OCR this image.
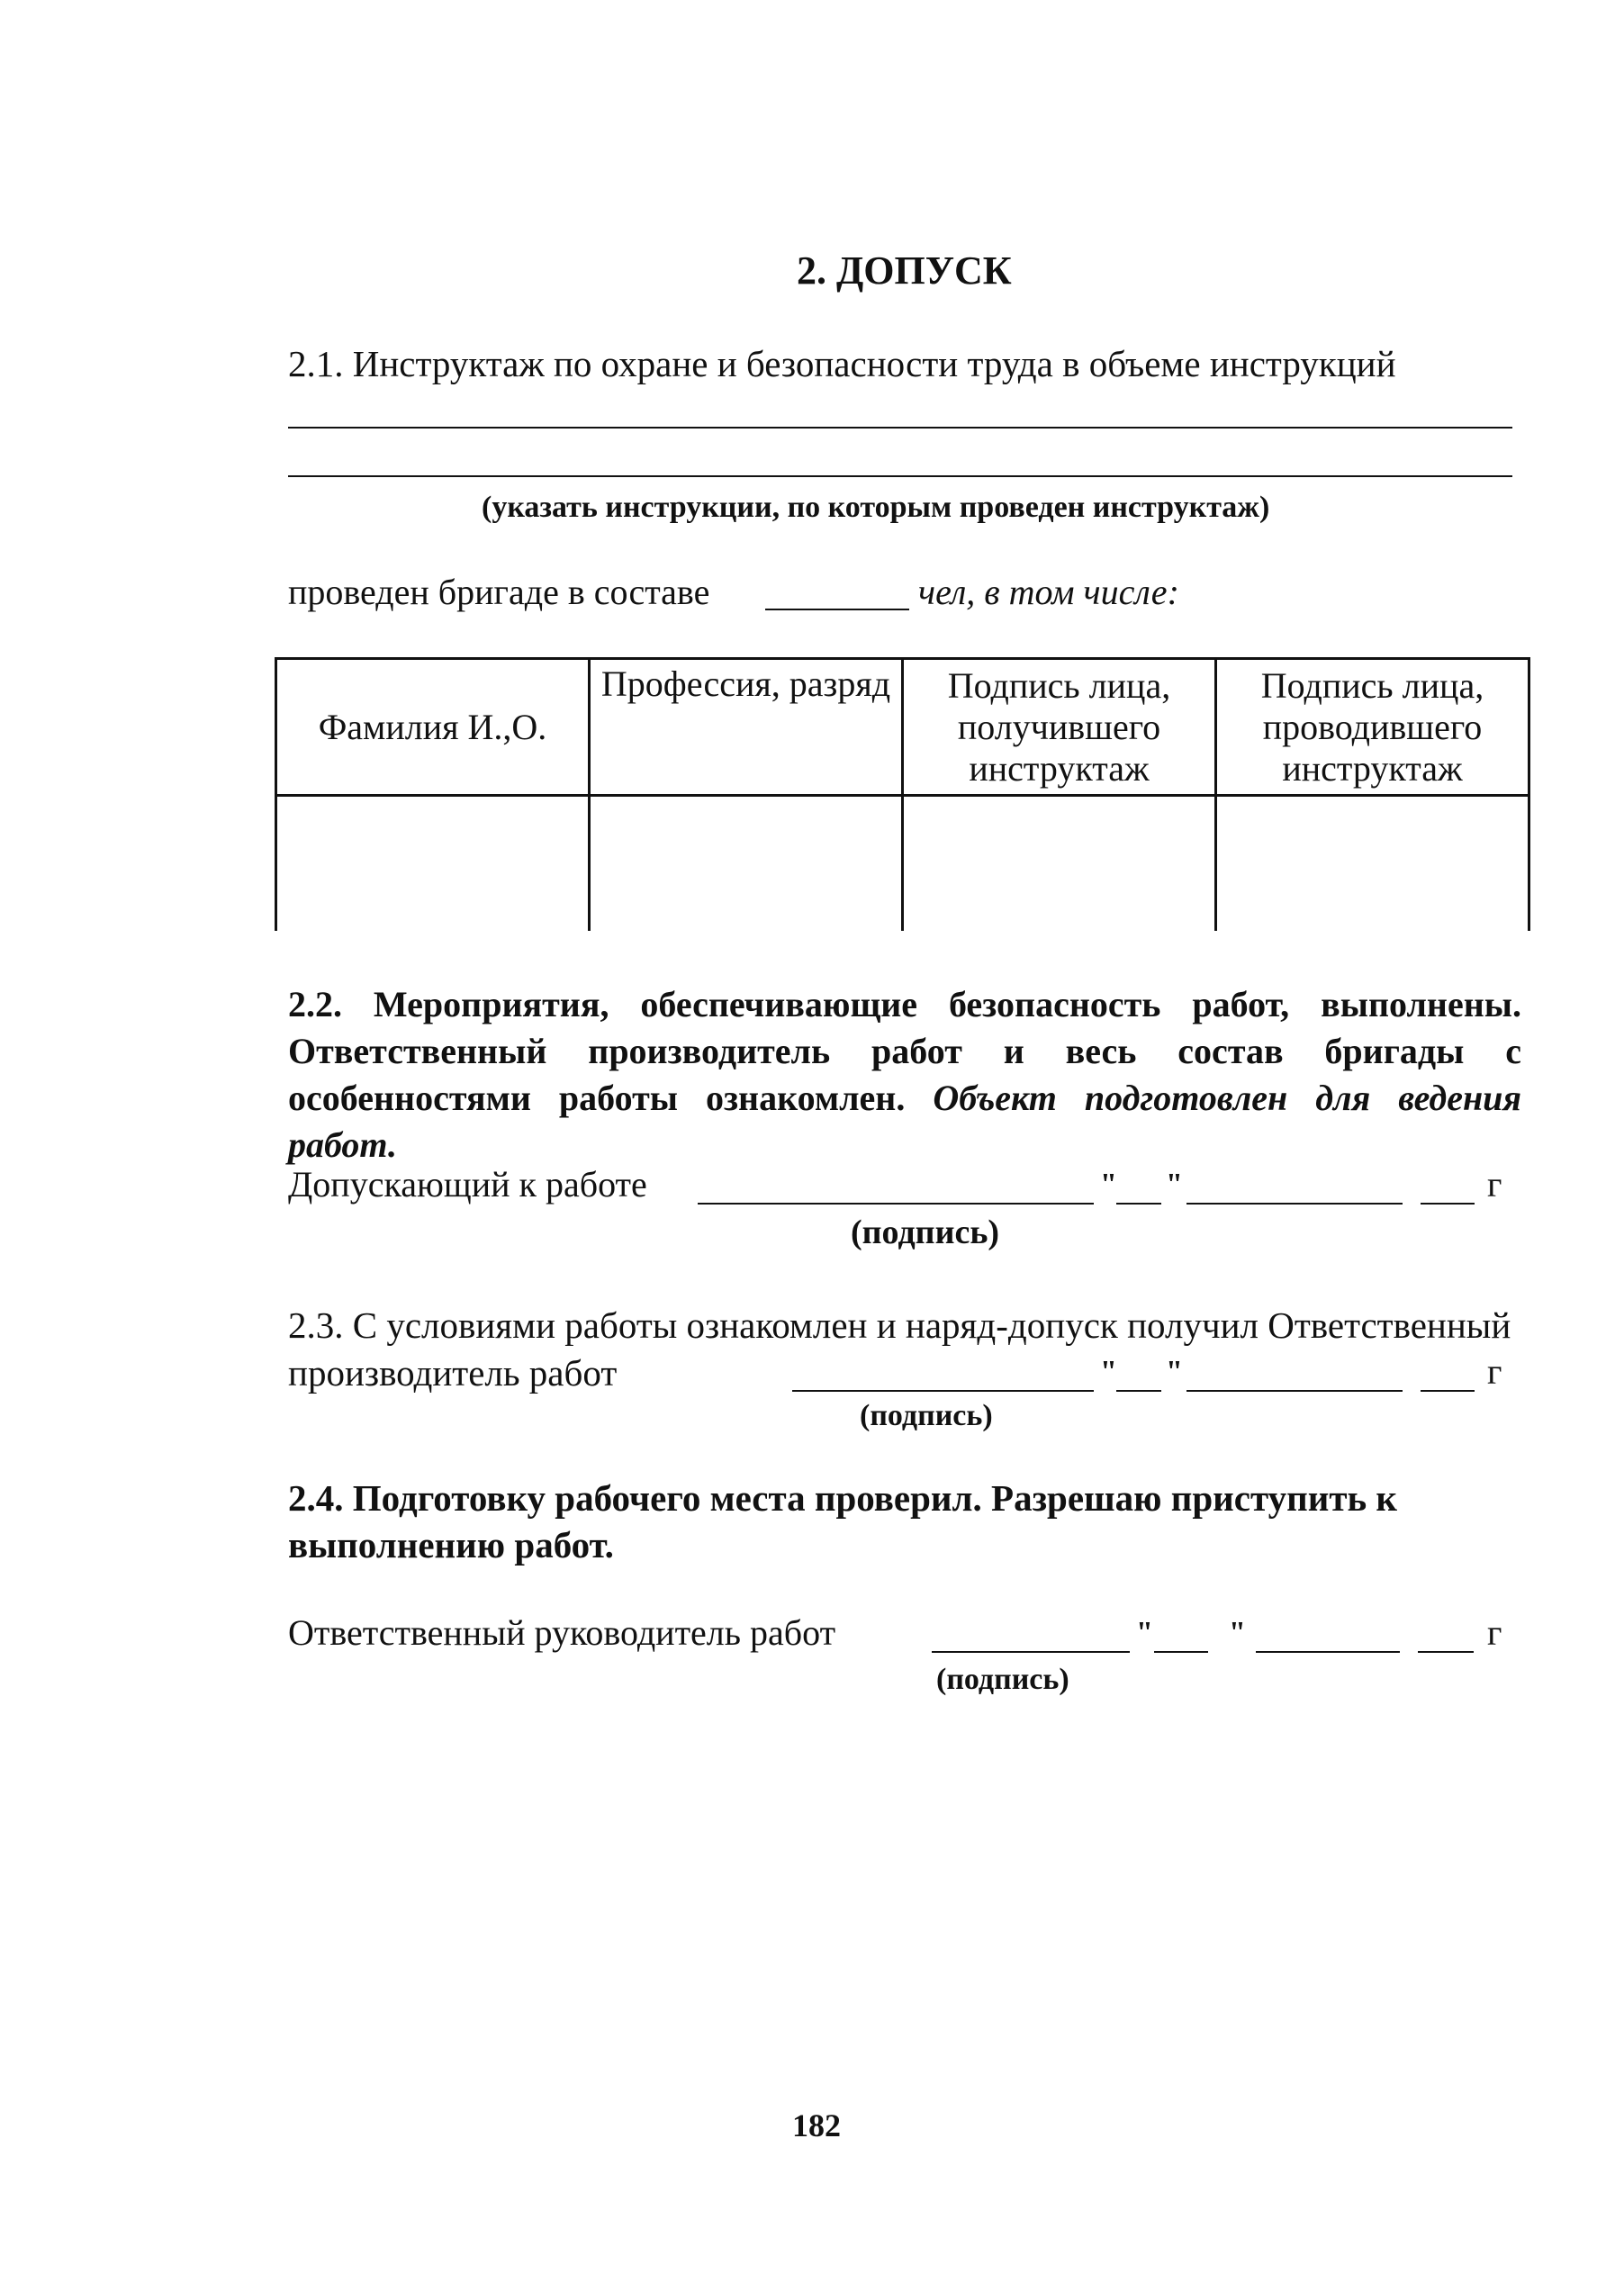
2. ДОПУСК
2.1. Инструктаж по охране и безопасности труда в объеме инструкций
(указать инструкции, по которым проведен инструктаж)
проведен бригаде в составе	чел, в том числе:
Фамилия И.,О.	Профессия, разряд	Подпись лица, получившего инструктаж	Подпись лица, проводившего инструктаж

2.2. Мероприятия, обеспечивающие безопасность работ, выполнены. Ответственный производитель работ и весь состав бригады с особенностями работы ознакомлен. Объект подготовлен для ведения работ.
Допускающий к работе	" "	г
(подпись)
2.3. С условиями работы ознакомлен и наряд-допуск получил Ответственный производитель работ	" "	г
(подпись)
2.4. Подготовку рабочего места проверил. Разрешаю приступить к выполнению работ.
Ответственный руководитель работ	" "	г
(подпись)
182
